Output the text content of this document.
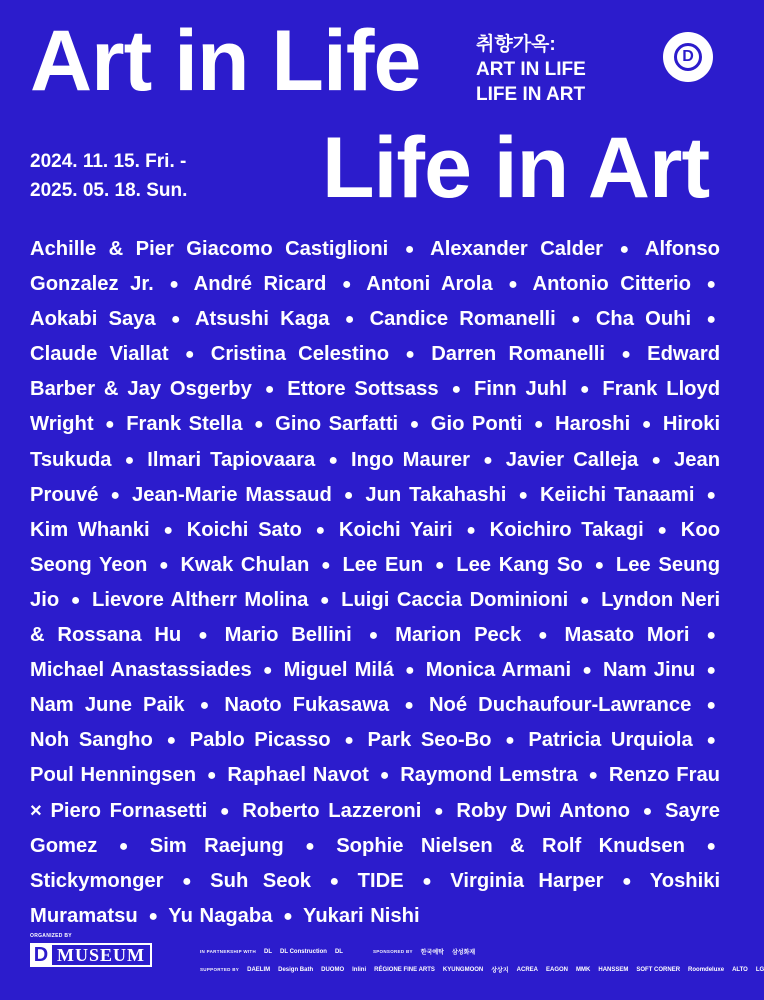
Art in Life
Life in Art
취향가옥:
ART IN LIFE
LIFE IN ART
D
2024. 11. 15. Fri. -
2025. 05. 18. Sun.

Achille & Pier Giacomo Castiglioni ● Alexander Calder ● Alfonso Gonzalez Jr. ● André Ricard ● Antoni Arola ● Antonio Citterio ● Aokabi Saya ● Atsushi Kaga ● Candice Romanelli ● Cha Ouhi ● Claude Viallat ● Cristina Celestino ● Darren Romanelli ● Edward Barber & Jay Osgerby ● Ettore Sottsass ● Finn Juhl ● Frank Lloyd Wright ● Frank Stella ● Gino Sarfatti ● Gio Ponti ● Haroshi ● Hiroki Tsukuda ● Ilmari Tapiovaara ● Ingo Maurer ● Javier Calleja ● Jean Prouvé ● Jean-Marie Massaud ● Jun Takahashi ● Keiichi Tanaami ● Kim Whanki ● Koichi Sato ● Koichi Yairi ● Koichiro Takagi ● Koo Seong Yeon ● Kwak Chulan ● Lee Eun ● Lee Kang So ● Lee Seung Jio ● Lievore Altherr Molina ● Luigi Caccia Dominioni ● Lyndon Neri & Rossana Hu ● Mario Bellini ● Marion Peck ● Masato Mori ● Michael Anastassiades ● Miguel Milá ● Monica Armani ● Nam Jinu ● Nam June Paik ● Naoto Fukasawa ● Noé Duchaufour-Lawrance ● Noh Sangho ● Pablo Picasso ● Park Seo-Bo ● Patricia Urquiola ● Poul Henningsen ● Raphael Navot ● Raymond Lemstra ● Renzo Frau × Piero Fornasetti ● Roberto Lazzeroni ● Roby Dwi Antono ● Sayre Gomez ● Sim Raejung ● Sophie Nielsen & Rolf Knudsen ● Stickymonger ● Suh Seok ● TIDE ● Virginia Harper ● Yoshiki Muramatsu ● Yu Nagaba ● Yukari Nishi

ORGANIZED BY
D MUSEUM	IN PARTNERSHIP WITH DL DL Construction DL	SPONSORED BY 한국예탁 삼성화재
SUPPORTED BY DAELIM Design Bath DUOMO Inlini RÉGIONE FINE ARTS KYUNGMOON 상상지 ACREA EAGON MMK HANSSEM SOFT CORNER Roomdeluxe ALTO LG
